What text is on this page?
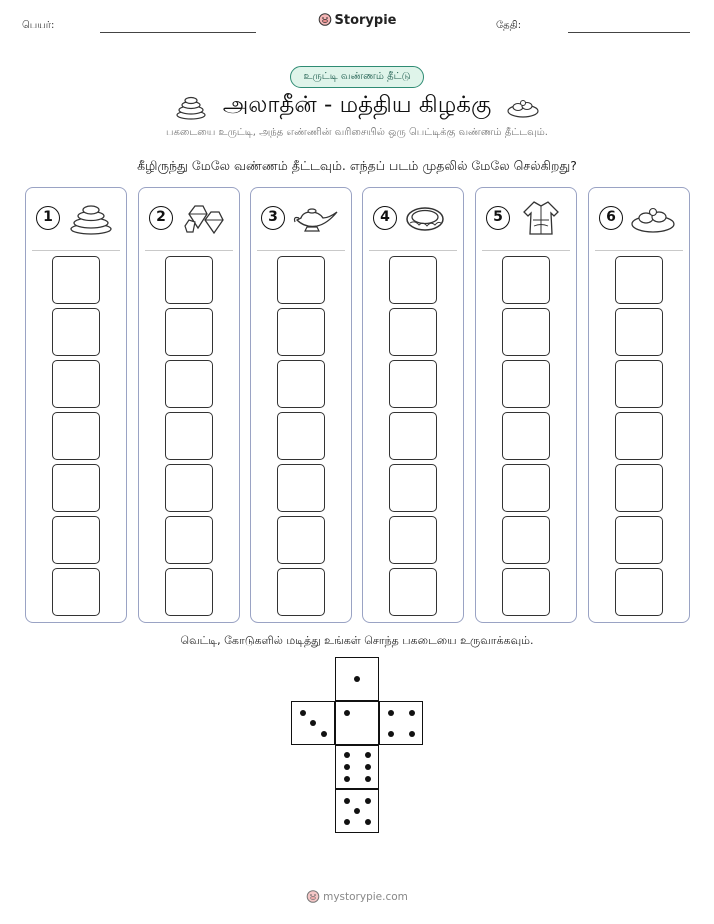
பெயர்:	Storypie	தேதி:
உருட்டி வண்ணம் தீட்டு
அலாதீன் - மத்திய கிழக்கு
பகடையை உருட்டி, அந்த எண்ணின் வரிசையில் ஒரு பெட்டிக்கு வண்ணம் தீட்டவும்.
கீழிருந்து மேலே வண்ணம் தீட்டவும். எந்தப் படம் முதலில் மேலே செல்கிறது?
1	2	3	4	5	6
வெட்டி, கோடுகளில் மடித்து உங்கள் சொந்த பகடையை உருவாக்கவும்.
mystorypie.com
